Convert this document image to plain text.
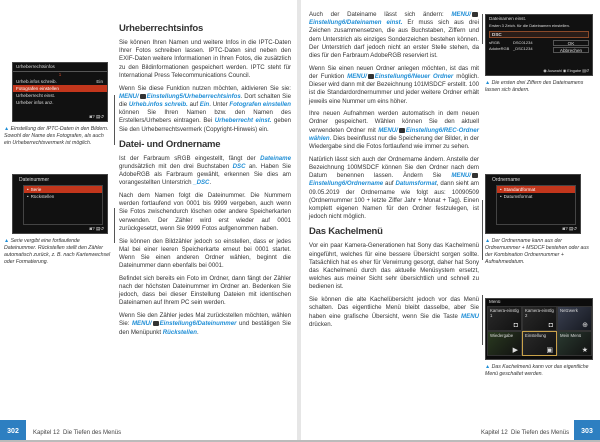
Urheberrechtsinfos
1
Urheb.infos schreib.	Ein
Fotografen einstellen
Urheberrecht einst.
Urheber infos anz.
◙? ▤↺
▲ Einstellung der IPTC-Daten in den Bildern. Sowohl der Name des Fotografen, als auch ein Urheberrechtsvermerk ist möglich.
Dateinummer
• Serie
• Rückstellen
◙? ▤↺
▲ Serie vergibt eine fortlaufende Dateinummer. Rückstellen stellt den Zähler automatisch zurück, z. B. nach Kartenwechsel oder Formatierung.
Urheberrechtsinfos

Sie können Ihren Namen und weitere Infos in die IPTC-Daten Ihrer Fotos schreiben lassen. IPTC-Daten sind neben den EXIF-Daten weitere Informationen in Ihren Fotos, die zusätzlich zu den Bildinformationen gespeichert werden. IPTC steht für International Press Telecommunications Council.

Wenn Sie diese Funktion nutzen möchten, aktivieren Sie sie: MENU/ Einstellung5/Urheberrechtsinfos. Dort schalten Sie die Urheb.infos schreib. auf Ein. Unter Fotografen einstellen können Sie Ihren Namen bzw. den Namen des Erstellers/Urhebers eintragen. Bei Urheberrecht einst. geben Sie den Urheberrechtsvermerk (Copyright-Hinweis) ein.

Datei- und Ordnername

Ist der Farbraum sRGB eingestellt, fängt der Dateiname grundsätzlich mit den drei Buchstaben DSC an. Haben Sie AdobeRGB als Farbraum gewählt, erkennen Sie dies am vorangestellten Unterstrich _DSC.

Nach dem Namen folgt die Dateinummer. Die Nummern werden fortlaufend von 0001 bis 9999 vergeben, auch wenn Sie Fotos zwischendurch löschen oder andere Speicherkarten verwenden. Der Zähler wird erst wieder auf 0001 zurückgesetzt, wenn Sie 9999 Fotos aufgenommen haben.

Sie können den Bildzähler jedoch so einstellen, dass er jedes Mal bei einer leeren Speicherkarte erneut bei 0001 startet. Wenn Sie einen anderen Ordner wählen, beginnt die Dateinummer dann ebenfalls bei 0001.

Befindet sich bereits ein Foto im Ordner, dann fängt der Zähler nach der höchsten Dateinummer im Ordner an. Bedenken Sie jedoch, dass bei dieser Einstellung Dateien mit identischen Dateinamen auf Ihrem PC sein werden.

Wenn Sie den Zähler jedes Mal zurückstellen möchten, wählen Sie: MENU/ Einstellung6/Dateinummer und bestätigen Sie den Menüpunkt Rückstellen.

302	Kapitel 12 Die Tiefen des Menüs

Auch der Dateiname lässt sich ändern: MENU/Einstellung6/Dateinamen einst. Er muss sich aus drei Zeichen zusammensetzen, die aus Buchstaben, Ziffern und dem Unterstrich als einziges Sonderzeichen bestehen können. Der Unterstrich darf jedoch nicht an erster Stelle stehen, da dies für den Farbraum AdobeRGB reserviert ist.

Wenn Sie einen neuen Ordner anlegen möchten, ist das mit der Funktion MENU/ Einstellung6/Neuer Ordner möglich. Dieser wird dann mit der Bezeichnung 101MSDCF erstellt. 100 ist die Standardordnernummer und jeder weitere Ordner erhält jeweils eine Nummer um eins höher.

Ihre neuen Aufnahmen werden automatisch in dem neuen Ordner gespeichert. Wählen können Sie den aktuell verwendeten Ordner mit MENU/ Einstellung6/REC-Ordner wählen. Dies beeinflusst nur die Speicherung der Bilder, in der Wiedergabe sind die Fotos fortlaufend wie immer zu sehen.

Natürlich lässt sich auch der Ordnername ändern. Anstelle der Bezeichnung 100MSDCF können Sie den Ordner nach dem Datum benennen lassen. Ändern Sie MENU/Einstellung6/Ordnername auf Datumsformat, dann sieht am 09.05.2019 der Ordnername wie folgt aus: 10090509 (Ordnernummer 100 + letzte Ziffer Jahr + Monat + Tag). Einen komplett eigenen Namen für den Ordner festzulegen, ist jedoch nicht möglich.

Das Kachelmenü

Vor ein paar Kamera-Generationen hat Sony das Kachelmenü eingeführt, welches für eine bessere Übersicht sorgen sollte. Tatsächlich hat es eher für Verwirrung gesorgt, daher hat Sony das Kachelmenü durch das aktuelle Menüsystem ersetzt, welches aus meiner Sicht sehr übersichtlich und schnell zu bedienen ist.

Sie können die alte Kachelübersicht jedoch vor das Menü schalten. Das eigentliche Menü bleibt dasselbe, aber Sie haben eine grafische Übersicht, wenn Sie die Taste MENU drücken.

Dateinamen einst.
Ersten 3 Zeich. für die Dateinamen einstellen.
DSC
sRGB	DSC01234
AdobeRGB _DSC1234
OK
Abbrechen
◉ Auswahl ◉ Eingabe ▤↺
▲ Die ersten drei Ziffern des Dateinamens lassen sich ändern.
Ordnername
• Standardformat
• Datumsformat
◙? ▤↺
▲ Der Ordnername kann aus der Ordnernummer + MSDCF bestehen oder aus der Kombination Ordnernummer + Aufnahmedatum.
Menü
Kamera-einstlg 1
◘
Kamera-einstlg 2
◘
Netzwerk
⊕
Wiedergabe
▶
Einstellung
▣
Mein Menü
★
▲ Das Kachelmenü kann vor das eigentliche Menü geschaltet werden.
Kapitel 12 Die Tiefen des Menüs	303
